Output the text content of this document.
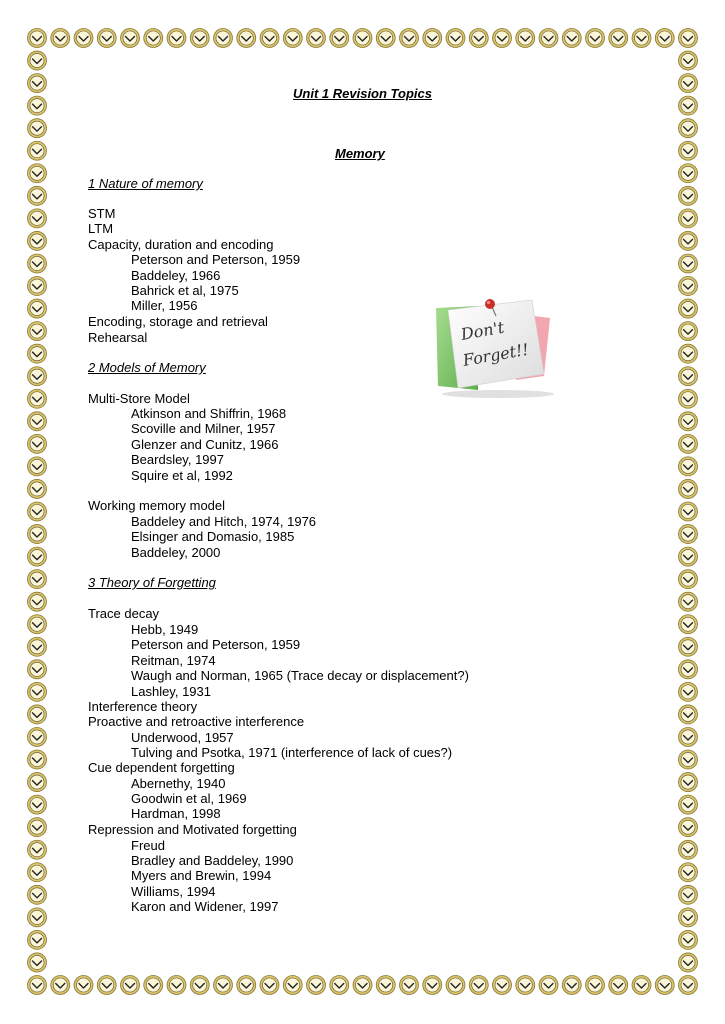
Unit 1 Revision Topics
Memory
1 Nature of memory
STM
LTM
Capacity, duration and encoding
Peterson and Peterson, 1959
Baddeley, 1966
Bahrick et al, 1975
Miller, 1956
Encoding, storage and retrieval
Rehearsal
2 Models of Memory
Multi-Store Model
Atkinson and Shiffrin, 1968
Scoville and Milner, 1957
Glenzer and Cunitz, 1966
Beardsley, 1997
Squire et al, 1992
Working memory model
Baddeley and Hitch, 1974, 1976
Elsinger and Domasio, 1985
Baddeley, 2000
3 Theory of Forgetting
Trace decay
Hebb, 1949
Peterson and Peterson, 1959
Reitman, 1974
Waugh and Norman, 1965 (Trace decay or displacement?)
Lashley, 1931
Interference theory
Proactive and retroactive interference
Underwood, 1957
Tulving and Psotka, 1971 (interference of lack of cues?)
Cue dependent forgetting
Abernethy, 1940
Goodwin et al, 1969
Hardman, 1998
Repression and Motivated forgetting
Freud
Bradley and Baddeley, 1990
Myers and Brewin, 1994
Williams, 1994
Karon and Widener, 1997
Don't
Forget!!
